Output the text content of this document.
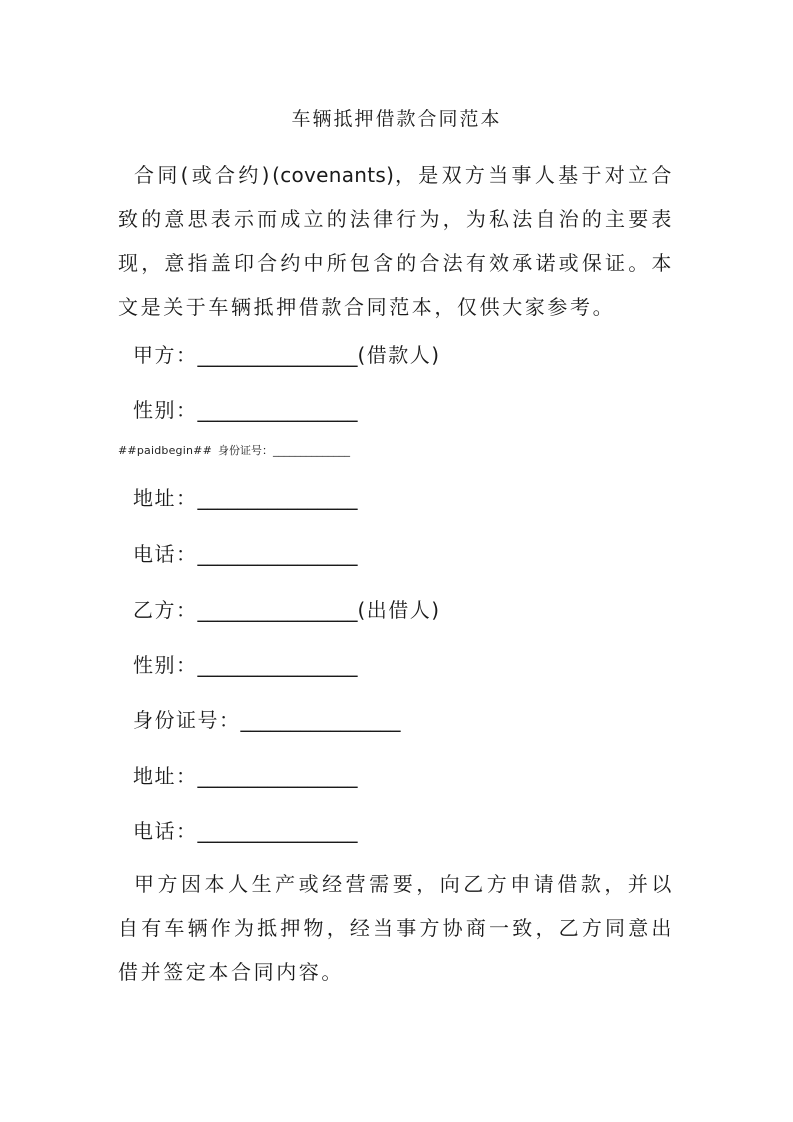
车辆抵押借款合同范本
合同(或合约)(covenants)，是双方当事人基于对立合致的意思表示而成立的法律行为，为私法自治的主要表现，意指盖印合约中所包含的合法有效承诺或保证。本文是关于车辆抵押借款合同范本，仅供大家参考。
甲方：________________(借款人)
性别：________________
##paidbegin## 身份证号：______________
地址：________________
电话：________________
乙方：________________(出借人)
性别：________________
身份证号：________________
地址：________________
电话：________________
甲方因本人生产或经营需要，向乙方申请借款，并以自有车辆作为抵押物，经当事方协商一致，乙方同意出借并签定本合同内容。
